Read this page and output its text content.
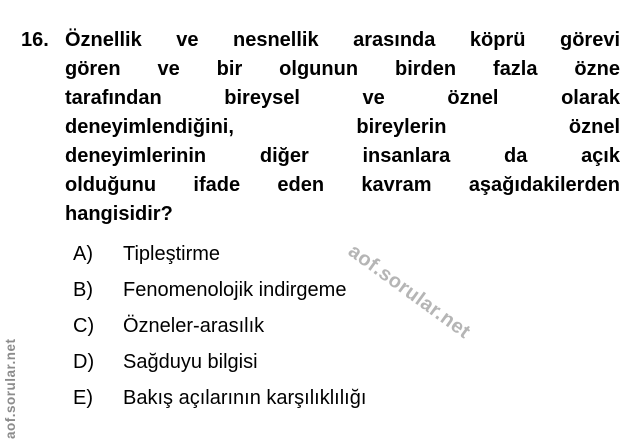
aof.sorular.net
aof.sorular.net
16. Öznellik ve nesnellik arasında köprü görevi
gören ve bir olgunun birden fazla özne
tarafından bireysel ve öznel olarak
deneyimlendiğini, bireylerin öznel
deneyimlerinin diğer insanlara da açık
olduğunu ifade eden kavram aşağıdakilerden
hangisidir?
A)	Tipleştirme
B)	Fenomenolojik indirgeme
C)	Özneler-arasılık
D)	Sağduyu bilgisi
E)	Bakış açılarının karşılıklılığı
